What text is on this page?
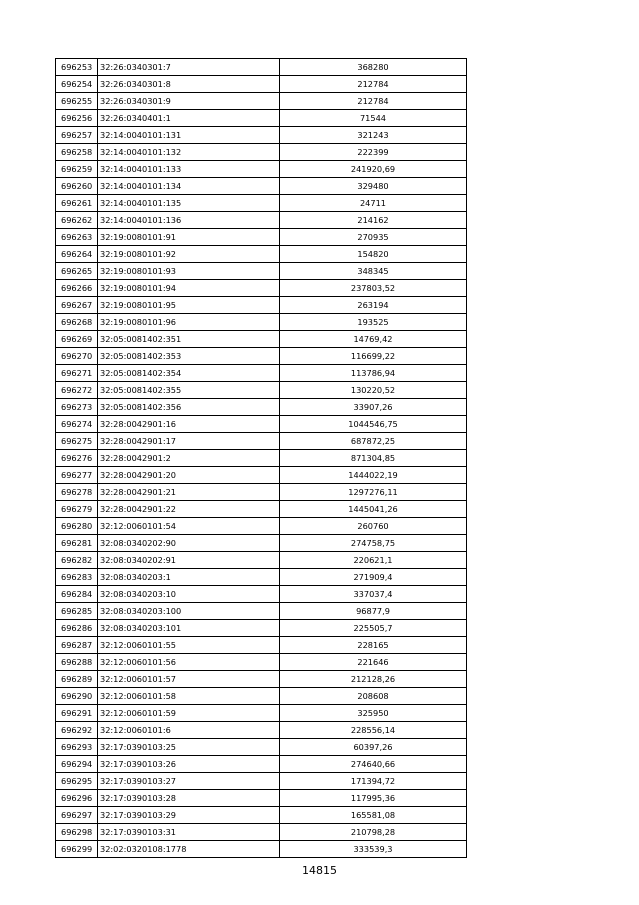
696253	32:26:0340301:7	368280
696254	32:26:0340301:8	212784
696255	32:26:0340301:9	212784
696256	32:26:0340401:1	71544
696257	32:14:0040101:131	321243
696258	32:14:0040101:132	222399
696259	32:14:0040101:133	241920,69
696260	32:14:0040101:134	329480
696261	32:14:0040101:135	24711
696262	32:14:0040101:136	214162
696263	32:19:0080101:91	270935
696264	32:19:0080101:92	154820
696265	32:19:0080101:93	348345
696266	32:19:0080101:94	237803,52
696267	32:19:0080101:95	263194
696268	32:19:0080101:96	193525
696269	32:05:0081402:351	14769,42
696270	32:05:0081402:353	116699,22
696271	32:05:0081402:354	113786,94
696272	32:05:0081402:355	130220,52
696273	32:05:0081402:356	33907,26
696274	32:28:0042901:16	1044546,75
696275	32:28:0042901:17	687872,25
696276	32:28:0042901:2	871304,85
696277	32:28:0042901:20	1444022,19
696278	32:28:0042901:21	1297276,11
696279	32:28:0042901:22	1445041,26
696280	32:12:0060101:54	260760
696281	32:08:0340202:90	274758,75
696282	32:08:0340202:91	220621,1
696283	32:08:0340203:1	271909,4
696284	32:08:0340203:10	337037,4
696285	32:08:0340203:100	96877,9
696286	32:08:0340203:101	225505,7
696287	32:12:0060101:55	228165
696288	32:12:0060101:56	221646
696289	32:12:0060101:57	212128,26
696290	32:12:0060101:58	208608
696291	32:12:0060101:59	325950
696292	32:12:0060101:6	228556,14
696293	32:17:0390103:25	60397,26
696294	32:17:0390103:26	274640,66
696295	32:17:0390103:27	171394,72
696296	32:17:0390103:28	117995,36
696297	32:17:0390103:29	165581,08
696298	32:17:0390103:31	210798,28
696299	32:02:0320108:1778	333539,3
14815
